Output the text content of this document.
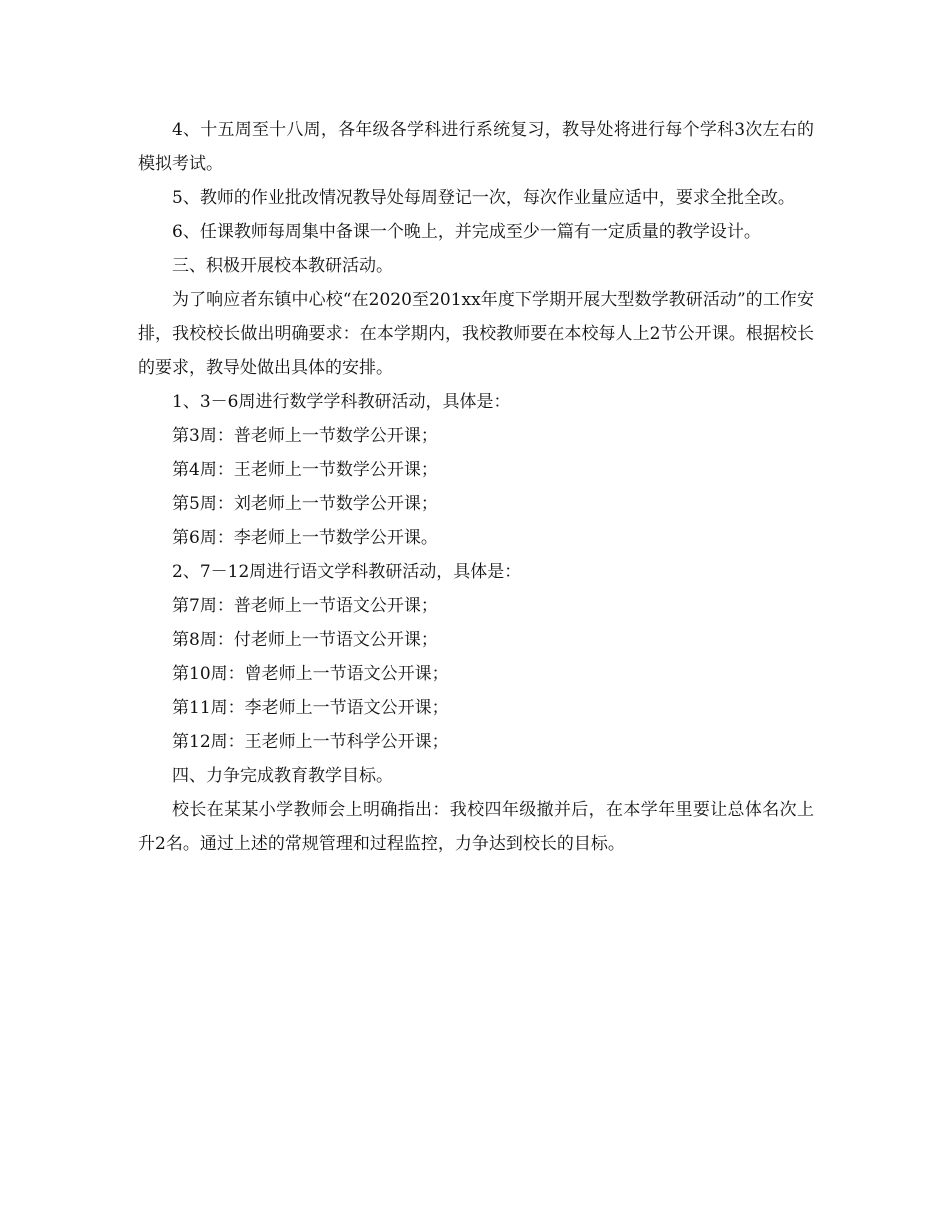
4、十五周至十八周，各年级各学科进行系统复习，教导处将进行每个学科3次左右的模拟考试。

5、教师的作业批改情况教导处每周登记一次，每次作业量应适中，要求全批全改。

6、任课教师每周集中备课一个晚上，并完成至少一篇有一定质量的教学设计。

三、积极开展校本教研活动。

为了响应者东镇中心校“在2020至201xx年度下学期开展大型数学教研活动”的工作安排，我校校长做出明确要求：在本学期内，我校教师要在本校每人上2节公开课。根据校长的要求，教导处做出具体的安排。

1、3－6周进行数学学科教研活动，具体是：

第3周：普老师上一节数学公开课；

第4周：王老师上一节数学公开课；

第5周：刘老师上一节数学公开课；

第6周：李老师上一节数学公开课。

2、7－12周进行语文学科教研活动，具体是：

第7周：普老师上一节语文公开课；

第8周：付老师上一节语文公开课；

第10周：曾老师上一节语文公开课；

第11周：李老师上一节语文公开课；

第12周：王老师上一节科学公开课；

四、力争完成教育教学目标。

校长在某某小学教师会上明确指出：我校四年级撤并后，在本学年里要让总体名次上升2名。通过上述的常规管理和过程监控，力争达到校长的目标。
